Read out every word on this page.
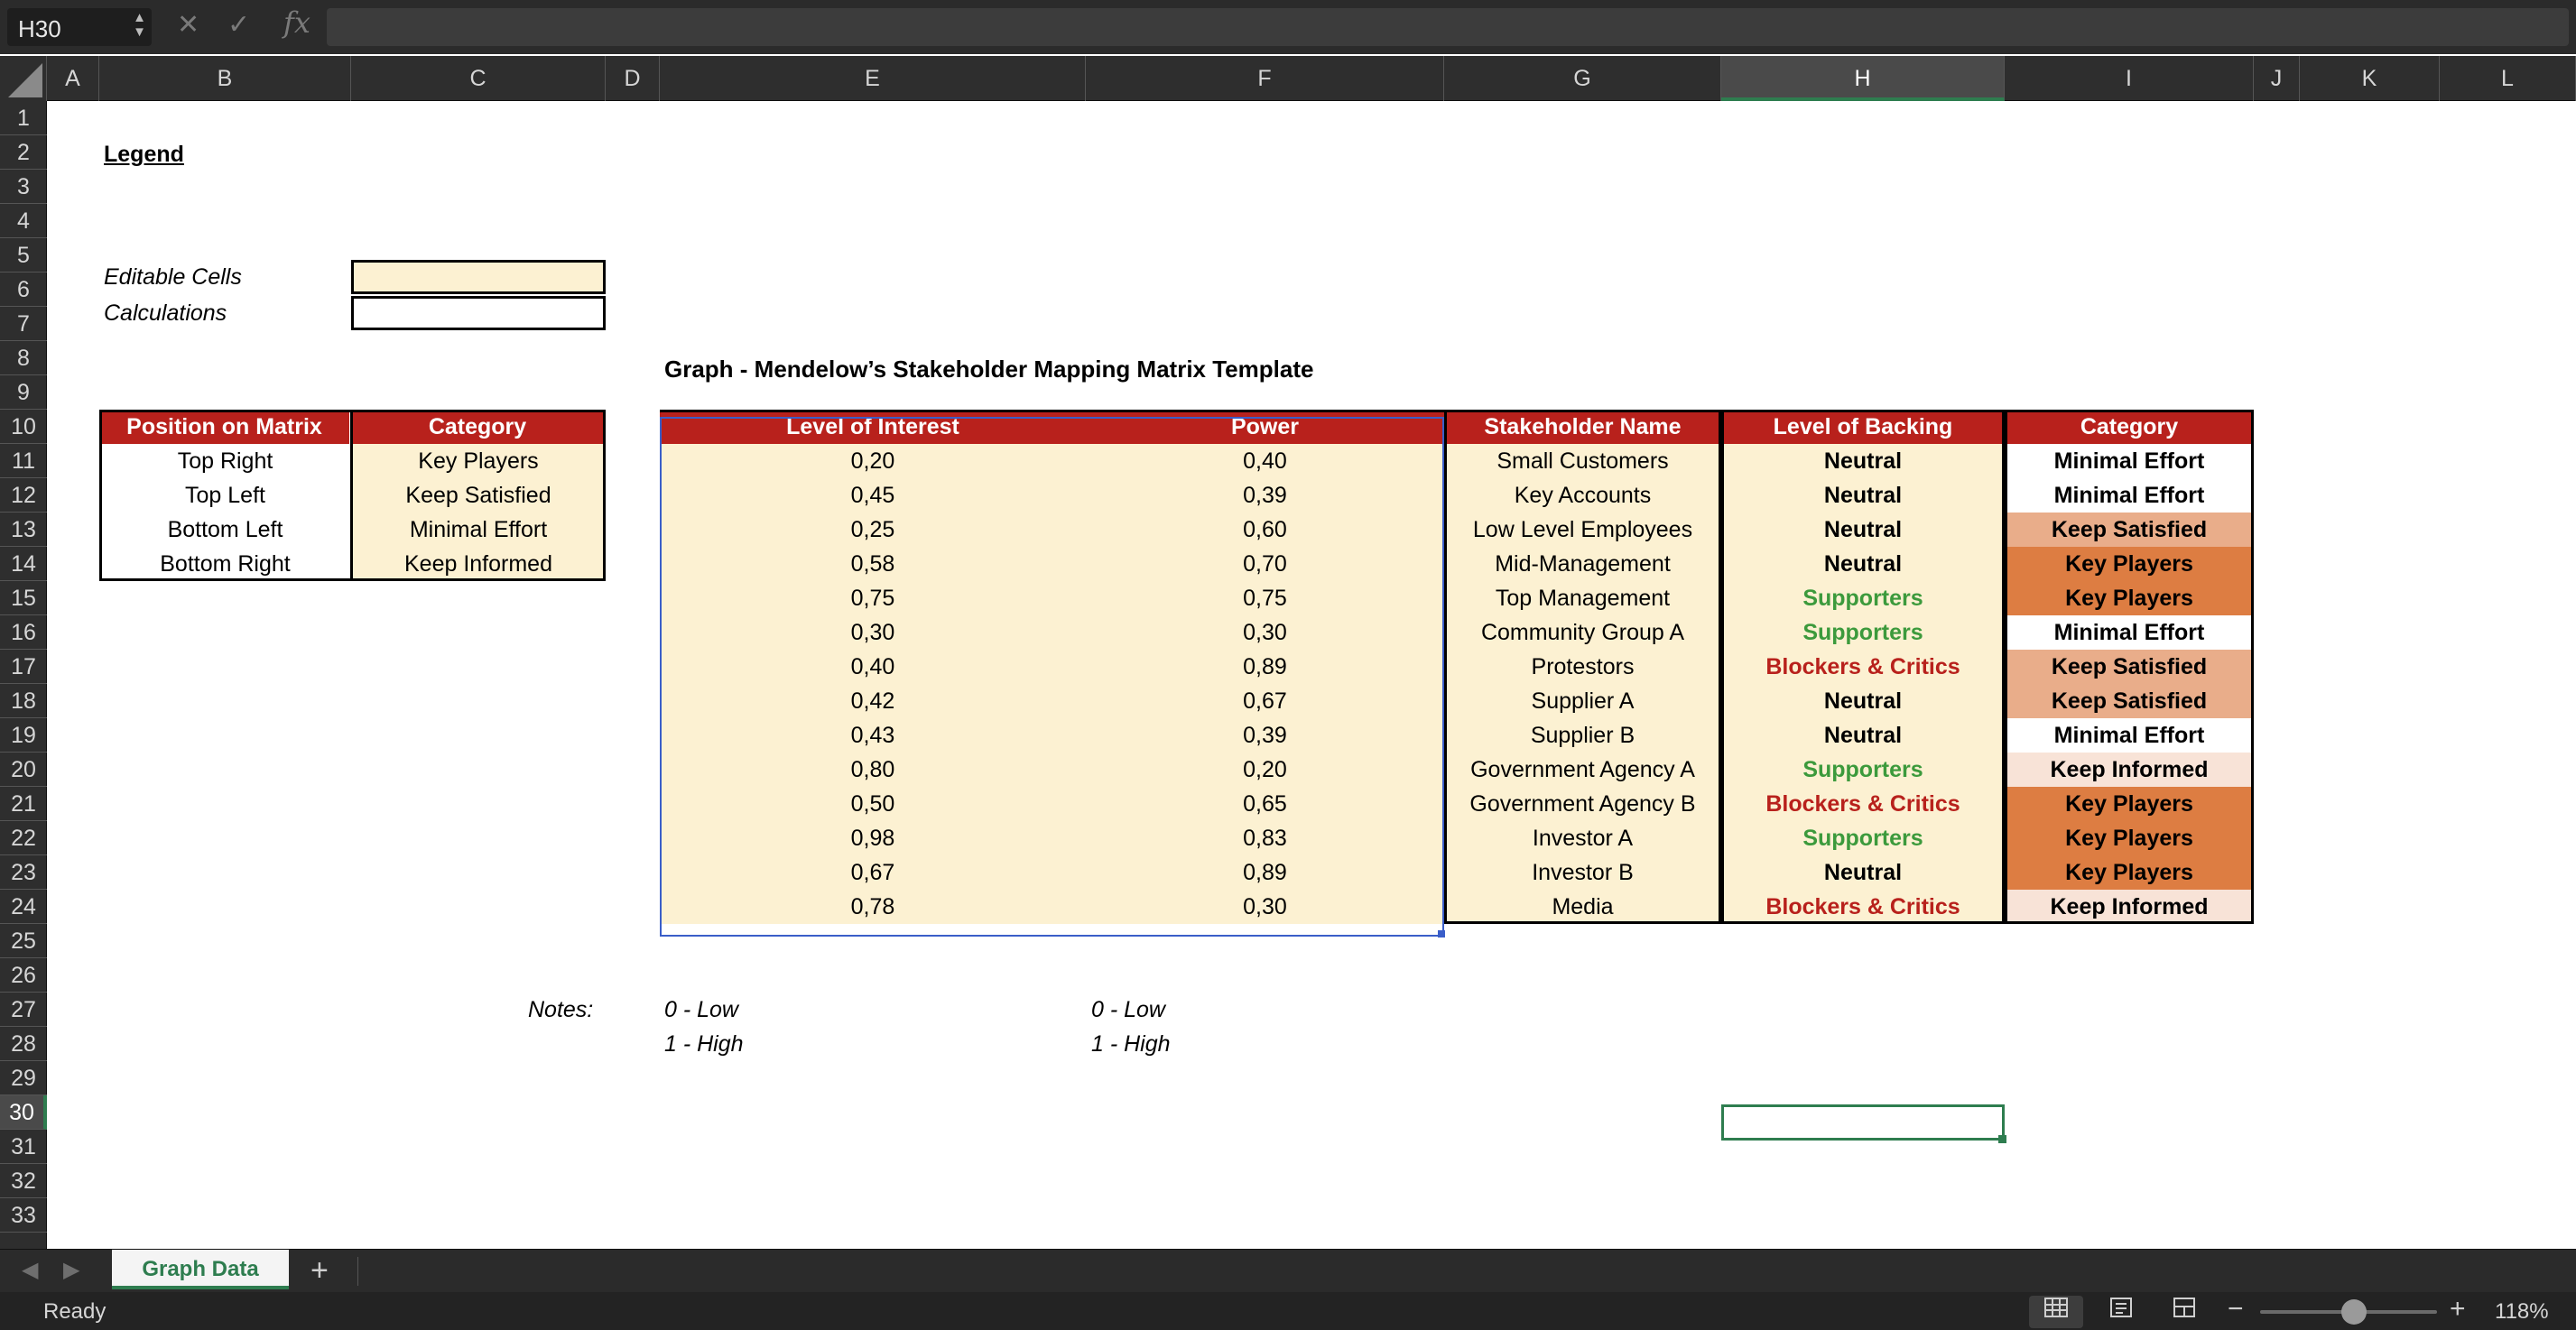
H30	▲
▼ ✕ ✓ fx
A	B	C	D	E	F	G	H	I	J	K	L
1
2
3
4
5
6
7
8
9
10
11
12
13
14
15
16
17
18
19
20
21
22
23
24
25
26
27
28
29
30
31
32
33
Legend
Editable Cells
Calculations
Graph - Mendelow’s Stakeholder Mapping Matrix Template
Position on Matrix	Category
Top Right	Key Players
Top Left	Keep Satisfied
Bottom Left	Minimal Effort
Bottom Right	Keep Informed
Level of Interest	Power	Stakeholder Name	Level of Backing	Category
0,20	0,40	Small Customers	Neutral	Minimal Effort
0,45	0,39	Key Accounts	Neutral	Minimal Effort
0,25	0,60	Low Level Employees	Neutral	Keep Satisfied
0,58	0,70	Mid-Management	Neutral	Key Players
0,75	0,75	Top Management	Supporters	Key Players
0,30	0,30	Community Group A	Supporters	Minimal Effort
0,40	0,89	Protestors	Blockers & Critics	Keep Satisfied
0,42	0,67	Supplier A	Neutral	Keep Satisfied
0,43	0,39	Supplier B	Neutral	Minimal Effort
0,80	0,20	Government Agency A	Supporters	Keep Informed
0,50	0,65	Government Agency B	Blockers & Critics	Key Players
0,98	0,83	Investor A	Supporters	Key Players
0,67	0,89	Investor B	Neutral	Key Players
0,78	0,30	Media	Blockers & Critics	Keep Informed
Notes:	0 - Low
1 - High
0 - Low
1 - High
◀ ▶	Graph Data	+
Ready	−	+ 118%
